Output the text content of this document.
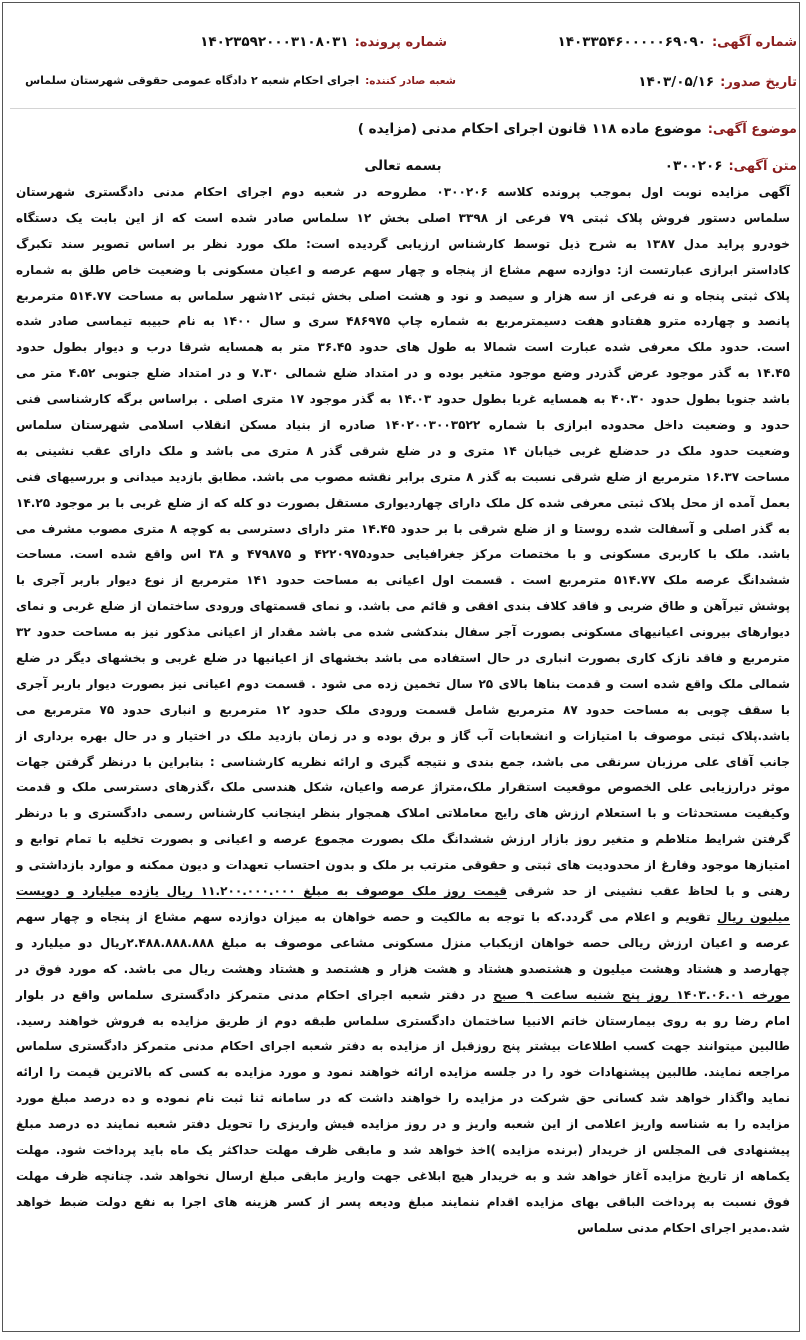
شماره آگهی:
۱۴۰۳۳۵۴۶۰۰۰۰۰۶۹۰۹۰
شماره پرونده:
۱۴۰۲۳۵۹۲۰۰۰۳۱۰۸۰۳۱
تاریخ صدور:
۱۴۰۳/۰۵/۱۶
شعبه صادر کننده:
اجرای احکام شعبه ۲ دادگاه عمومی حقوقی شهرستان سلماس
موضوع آگهی:
موضوع ماده ۱۱۸ قانون اجرای احکام مدنی (مزایده )
متن آگهی:
۰۳۰۰۲۰۶
بسمه تعالی
آگهی مزایده نوبت اول بموجب پرونده کلاسه ۰۳۰۰۲۰۶ مطروحه در شعبه دوم اجرای احکام مدنی دادگستری شهرستان
سلماس دستور فروش پلاک ثبتی ۷۹ فرعی از ۳۳۹۸ اصلی بخش ۱۲ سلماس صادر شده است که از این بابت یک دستگاه
خودرو پراید مدل ۱۳۸۷ به شرح ذیل توسط کارشناس ارزیابی گردیده است: ملک مورد نظر بر اساس تصویر سند تکبرگ
کاداستر ابرازی عبارتست از: دوازده سهم مشاع از پنجاه و چهار سهم عرصه و اعیان مسکونی با وضعیت خاص طلق به شماره
پلاک ثبتی پنجاه و نه فرعی از سه هزار و سیصد و نود و هشت اصلی بخش ثبتی ۱۲شهر سلماس به مساحت ۵۱۴.۷۷ مترمربع
پانصد و چهارده مترو هفتادو هفت دسیمترمربع به شماره چاپ ۴۸۶۹۷۵ سری و سال ۱۴۰۰ به نام حبیبه تیماسی صادر شده
است. حدود ملک معرفی شده عبارت است شمالا به طول های حدود ۳۶.۴۵ متر به همسایه شرقا درب و دیوار بطول حدود
۱۴.۴۵ به گذر موجود عرض گذردر وضع موجود متغیر بوده و در امتداد ضلع شمالی ۷.۳۰ و در امتداد ضلع جنوبی ۴.۵۲ متر می
باشد جنوبا بطول حدود ۴۰.۳۰ به همسایه غربا بطول حدود ۱۴.۰۳ به گذر موجود ۱۷ متری اصلی . براساس برگه کارشناسی فنی
حدود و وضعیت داخل محدوده ابرازی با شماره ۱۴۰۲۰۰۳۰۰۳۵۲۲ صادره از بنیاد مسکن انقلاب اسلامی شهرستان سلماس
وضعیت حدود ملک در حدضلع غربی خیابان ۱۴ متری و در ضلع شرقی گذر ۸ متری می باشد و ملک دارای عقب نشینی به
مساحت ۱۶.۳۷ مترمربع از ضلع شرقی نسبت به گذر ۸ متری برابر نقشه مصوب می باشد. مطابق بازدید میدانی و بررسیهای فنی
بعمل آمده از محل پلاک ثبتی معرفی شده کل ملک دارای چهاردیواری مستقل بصورت دو کله که از ضلع غربی با بر موجود ۱۴.۲۵
به گذر اصلی و آسفالت شده روستا و از ضلع شرقی با بر حدود ۱۴.۴۵ متر دارای دسترسی به کوچه ۸ متری مصوب مشرف می
باشد. ملک با کاربری مسکونی و با مختصات مرکز جغرافیایی حدود۴۲۲۰۹۷۵ و ۴۷۹۸۷۵ و ۳۸ اس واقع شده است. مساحت
ششدانگ عرصه ملک ۵۱۴.۷۷ مترمربع است . قسمت اول اعیانی به مساحت حدود ۱۴۱ مترمربع از نوع دیوار باربر آجری با
پوشش تیرآهن و طاق ضربی و فاقد کلاف بندی افقی و قائم می باشد. و نمای قسمتهای ورودی ساختمان از ضلع غربی و نمای
دیوارهای بیرونی اعیانیهای مسکونی بصورت آجر سفال بندکشی شده می باشد مقدار از اعیانی مذکور نیز به مساحت حدود ۳۲
مترمربع و فاقد نازک کاری بصورت انباری در حال استفاده می باشد بخشهای از اعیانیها در ضلع غربی و بخشهای دیگر در ضلع
شمالی ملک واقع شده است و قدمت بناها بالای ۲۵ سال تخمین زده می شود . قسمت دوم اعیانی نیز بصورت دیوار باربر آجری
با سقف چوبی به مساحت حدود ۸۷ مترمربع شامل قسمت ورودی ملک حدود ۱۲ مترمربع و انباری حدود ۷۵ مترمربع می
باشد.پلاک ثبتی موصوف با امتیازات و انشعابات آب گاز و برق بوده و در زمان بازدید ملک در اختیار و در حال بهره برداری از
جانب آقای علی مرزبان سرنقی می باشد، جمع بندی و نتیجه گیری و ارائه نظریه کارشناسی : بنابراین با درنظر گرفتن جهات
موثر درارزیابی علی الخصوص موقعیت استقرار ملک،متراژ عرصه واعیان، شکل هندسی ملک ،گذرهای دسترسی ملک و قدمت
وکیفیت مستحدثات و با استعلام ارزش های رایج معاملاتی املاک همجوار بنظر اینجانب کارشناس رسمی دادگستری و با درنظر
گرفتن شرایط متلاطم و متغیر روز بازار ارزش ششدانگ ملک بصورت مجموع عرصه و اعیانی و بصورت تخلیه با تمام توابع و
امتیازها موجود وفارغ از محدودیت های ثبتی و حقوقی مترتب بر ملک و بدون احتساب تعهدات و دیون ممکنه و موارد بازداشتی و
رهنی و با لحاظ عقب نشینی از حد شرقی قیمت روز ملک موصوف به مبلغ ۱۱.۲۰۰.۰۰۰.۰۰۰ ریال یازده میلیارد و دویست
میلیون ریال تقویم و اعلام می گردد.که با توجه به مالکیت و حصه خواهان به میزان دوازده سهم مشاع از پنجاه و چهار سهم
عرصه و اعیان ارزش ریالی حصه خواهان ازیکباب منزل مسکونی مشاعی موصوف به مبلغ ۲.۴۸۸.۸۸۸.۸۸۸ریال دو میلیارد و
چهارصد و هشتاد وهشت میلیون و هشتصدو هشتاد و هشت هزار و هشتصد و هشتاد وهشت ریال می باشد. که مورد فوق در
مورخه ۱۴۰۳.۰۶.۰۱ روز پنج شنبه ساعت ۹ صبح در دفتر شعبه اجرای احکام مدنی متمرکز دادگستری سلماس واقع در بلوار
امام رضا رو به روی بیمارستان خاتم الانبیا ساختمان دادگستری سلماس طبقه دوم از طریق مزایده به فروش خواهند رسید.
طالبین میتوانند جهت کسب اطلاعات بیشتر پنج روزقبل از مزایده به دفتر شعبه اجرای احکام مدنی متمرکز دادگستری سلماس
مراجعه نمایند. طالبین پیشنهادات خود را در جلسه مزایده ارائه خواهند نمود و مورد مزایده به کسی که بالاترین قیمت را ارائه
نماید واگذار خواهد شد کسانی حق شرکت در مزایده را خواهند داشت که در سامانه ثنا ثبت نام نموده و ده درصد مبلغ مورد
مزایده را به شناسه واریز اعلامی از این شعبه واریز و در روز مزایده فیش واریزی را تحویل دفتر شعبه نمایند ده درصد مبلغ
پیشنهادی فی المجلس از خریدار (برنده مزایده )اخذ خواهد شد و مابقی ظرف مهلت حداکثر یک ماه باید پرداخت شود. مهلت
یکماهه از تاریخ مزایده آغاز خواهد شد و به خریدار هیچ ابلاغی جهت واریز مابقی مبلغ ارسال نخواهد شد. چنانچه ظرف مهلت
فوق نسبت به پرداخت الباقی بهای مزایده اقدام ننمایند مبلغ ودیعه پسر از کسر هزینه های اجرا به نفع دولت ضبط خواهد
شد.مدیر اجرای احکام مدنی سلماس
